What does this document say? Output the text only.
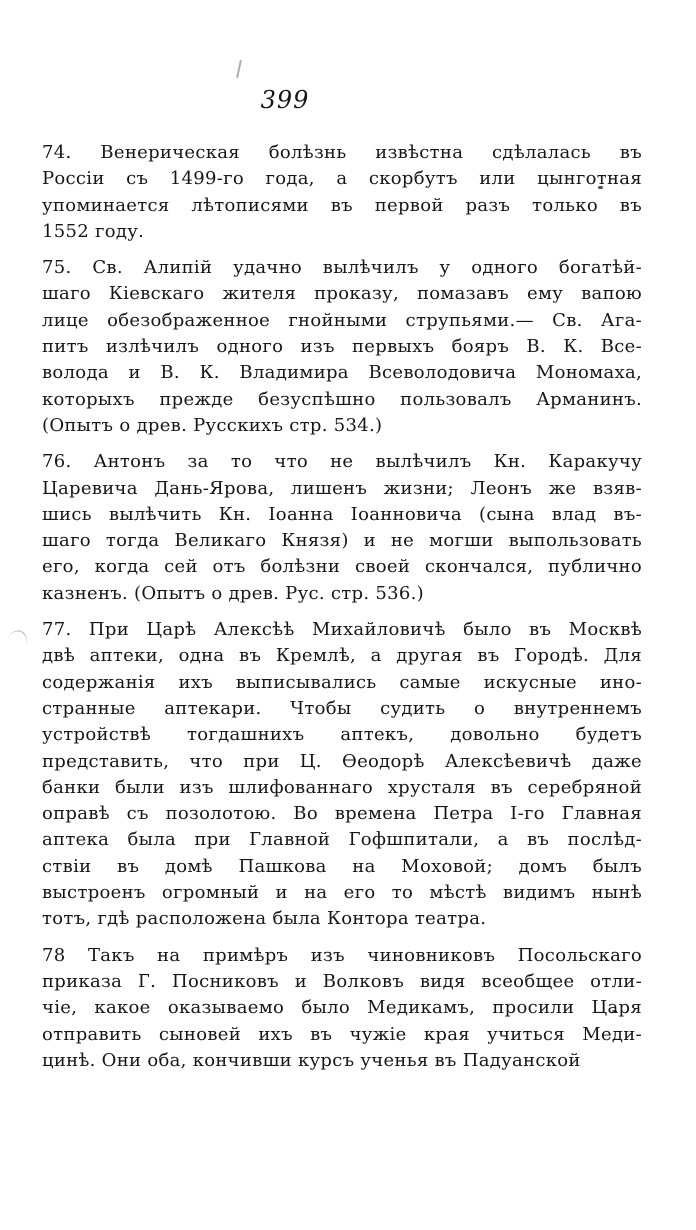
399
74. Венерическая болѣзнь извѣстна сдѣлалась въ
Россіи съ 1499-го года, а скорбутъ или цынготная
упоминается лѣтописями въ первой разъ только въ
1552 году.
75. Св. Алипій удачно вылѣчилъ у одного богатѣй-
шаго Кіевскаго жителя проказу, помазавъ ему вапою
лице обезображенное гнойными струпьями.— Св. Ага-
питъ излѣчилъ одного изъ первыхъ бояръ В. К. Все-
волода и В. К. Владимира Всеволодовича Мономаха,
которыхъ прежде безуспѣшно пользовалъ Арманинъ.
(Опытъ о древ. Русскихъ стр. 534.)
76. Антонъ за то что не вылѣчилъ Кн. Каракучу
Царевича Дань-Ярова, лишенъ жизни; Леонъ же взяв-
шись вылѣчить Кн. Іоанна Іоанновича (сына влад въ-
шаго тогда Великаго Князя) и не могши выпользовать
его, когда сей отъ болѣзни своей скончался, публично
казненъ. (Опытъ о древ. Рус. стр. 536.)
77. При Царѣ Алексѣѣ Михайловичѣ было въ Москвѣ
двѣ аптеки, одна въ Кремлѣ, а другая въ Городѣ. Для
содержанія ихъ выписывались самые искусные ино-
странные аптекари. Чтобы судить о внутреннемъ
устройствѣ тогдашнихъ аптекъ, довольно будетъ
представить, что при Ц. Ѳеодорѣ Алексѣевичѣ даже
банки были изъ шлифованнаго хрусталя въ серебряной
оправѣ съ позолотою. Во времена Петра І-го Главная
аптека была при Главной Гофшпитали, а въ послѣд-
ствіи въ домѣ Пашкова на Моховой; домъ былъ
выстроенъ огромный и на его то мѣстѣ видимъ нынѣ
тотъ, гдѣ расположена была Контора театра.
78 Такъ на примѣръ изъ чиновниковъ Посольскаго
приказа Г. Посниковъ и Волковъ видя всеобщее отли-
чіе, какое оказываемо было Медикамъ, просили Царя
отправить сыновей ихъ въ чужіе края учиться Меди-
цинѣ. Они оба, кончивши курсъ ученья въ Падуанской
